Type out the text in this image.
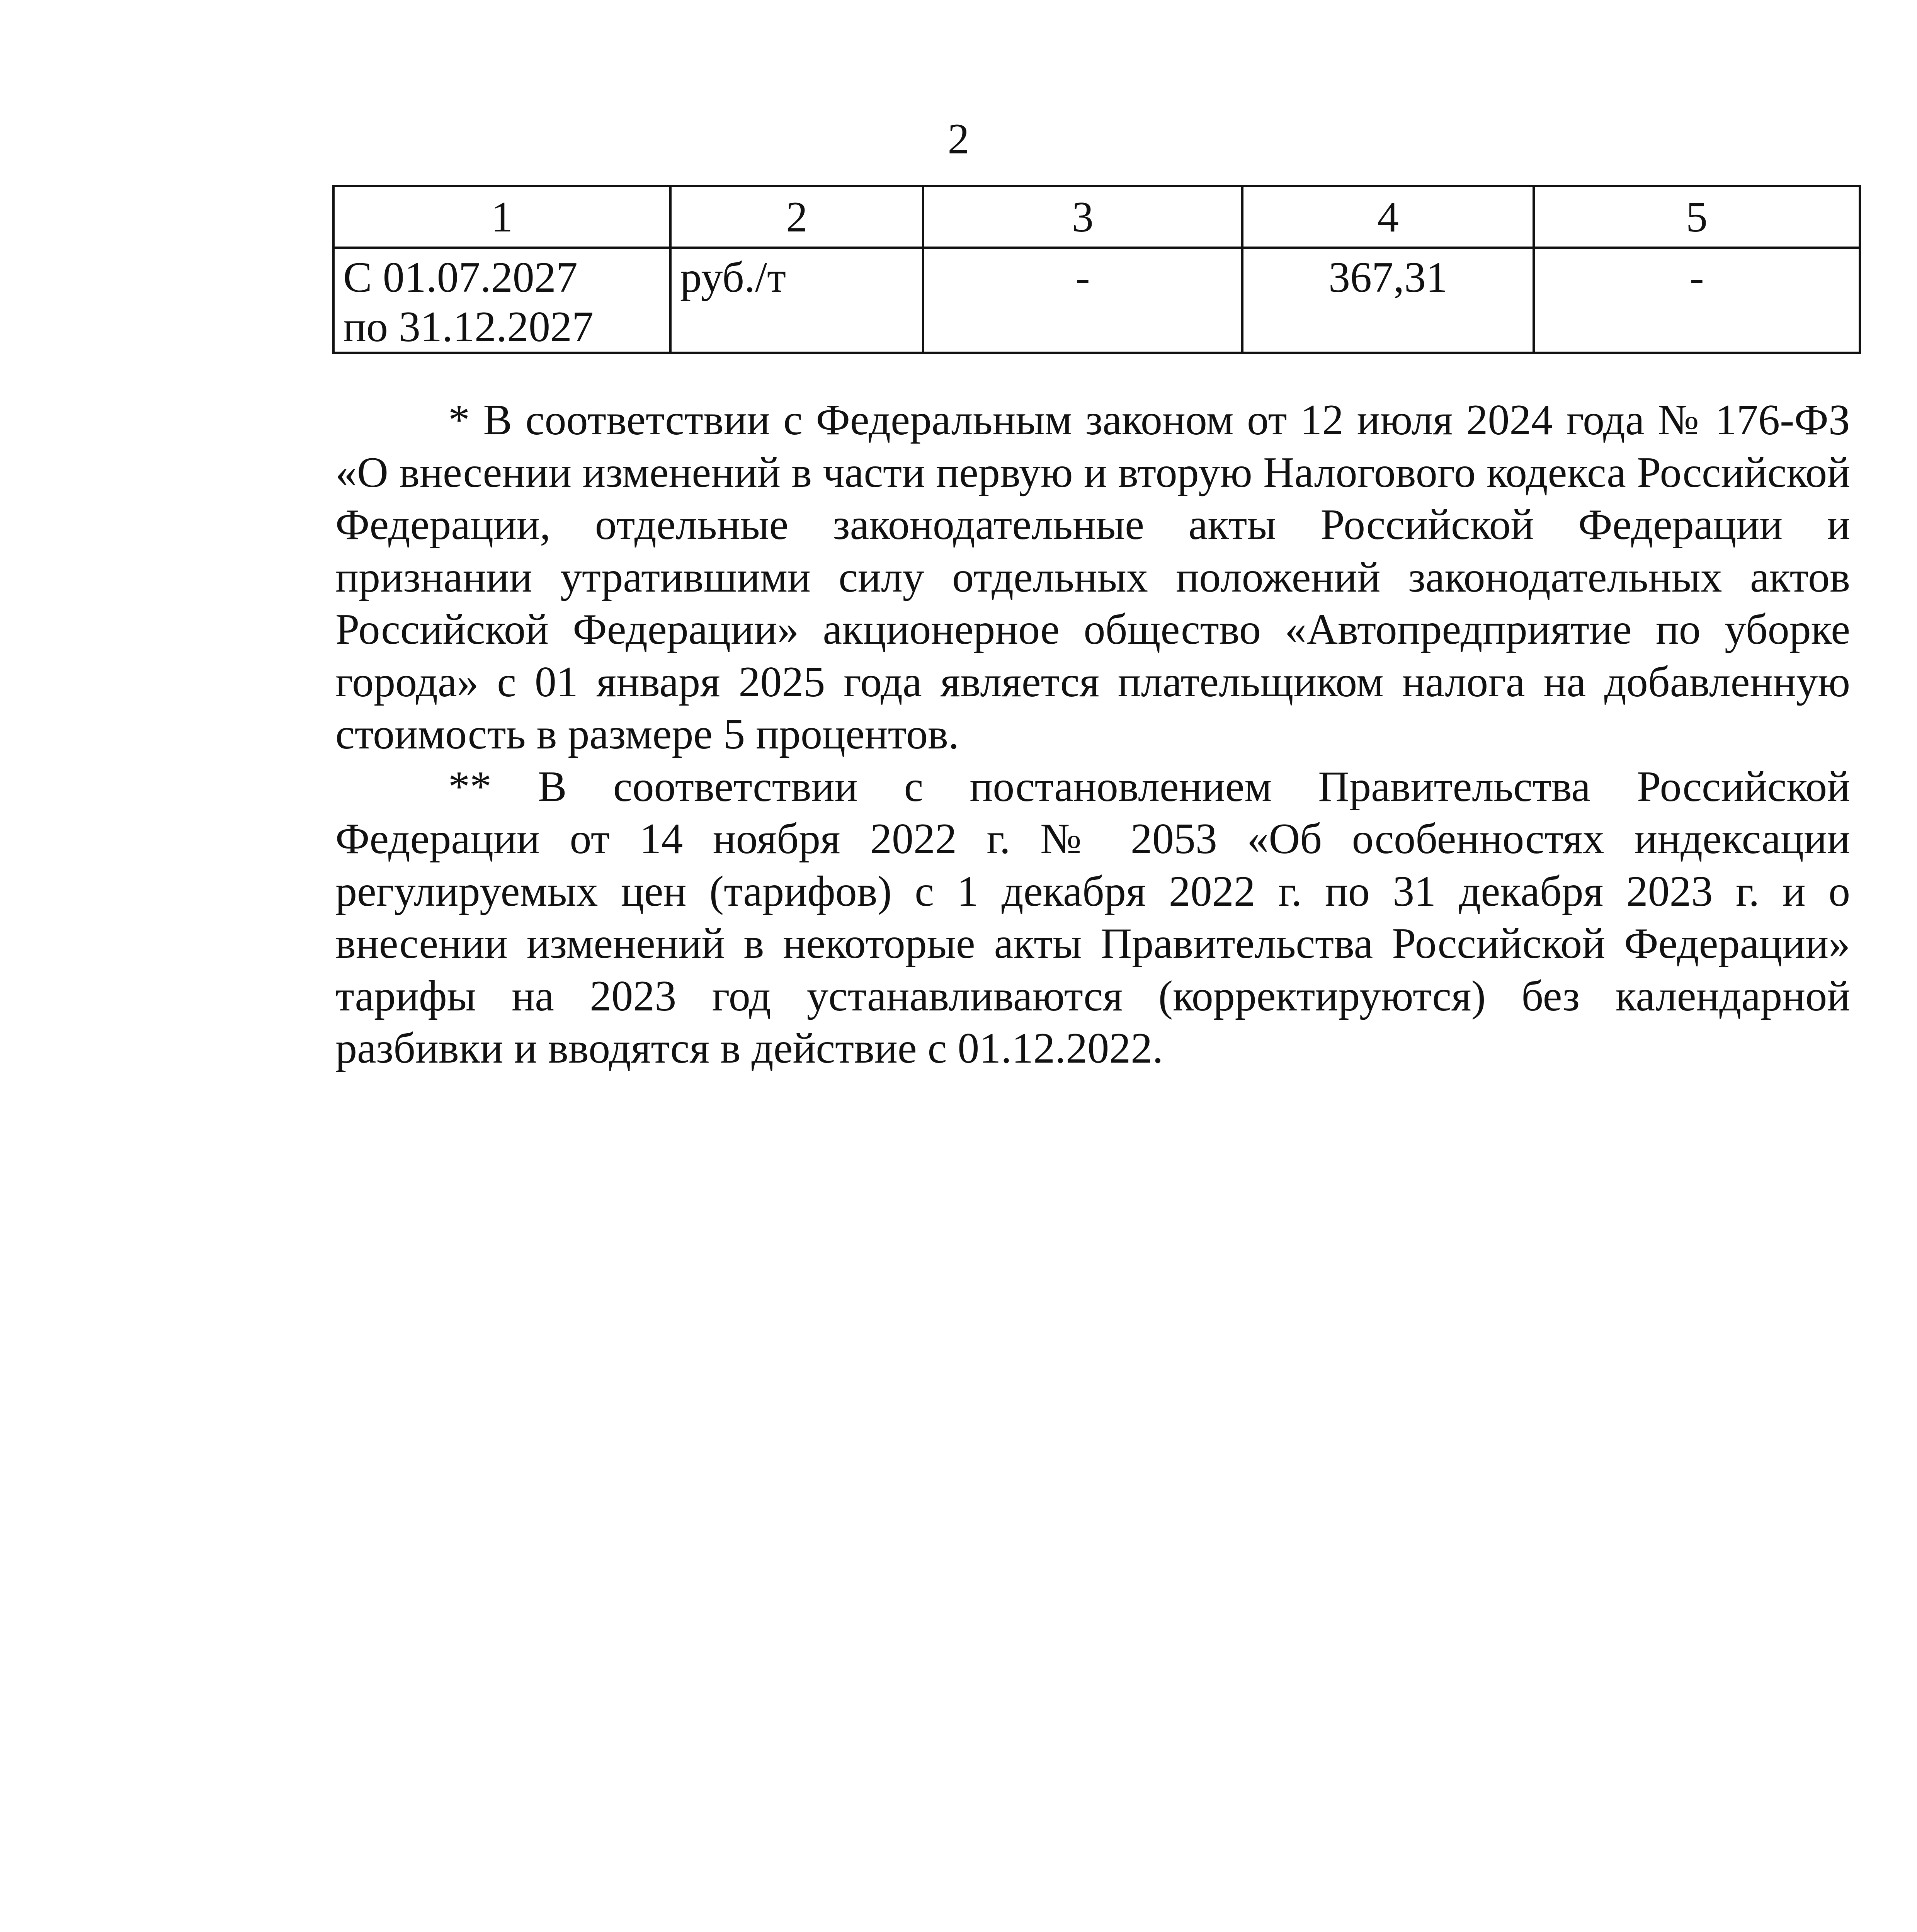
2
1	2	3	4	5
С 01.07.2027
по 31.12.2027	руб./т	-	367,31	-

* В соответствии с Федеральным законом от 12 июля 2024 года № 176-ФЗ «О внесении изменений в части первую и вторую Налогового кодекса Российской Федерации, отдельные законодательные акты Российской Федерации и признании утратившими силу отдельных положений законодательных актов Российской Федерации» акционерное общество «Автопредприятие по уборке города» с 01 января 2025 года является плательщиком налога на добавленную стоимость в размере 5 процентов.

** В соответствии с постановлением Правительства Российской Федерации от 14 ноября 2022 г. № 2053 «Об особенностях индексации регулируемых цен (тарифов) с 1 декабря 2022 г. по 31 декабря 2023 г. и о внесении изменений в некоторые акты Правительства Российской Федерации» тарифы на 2023 год устанавливаются (корректируются) без календарной разбивки и вводятся в действие с 01.12.2022.
